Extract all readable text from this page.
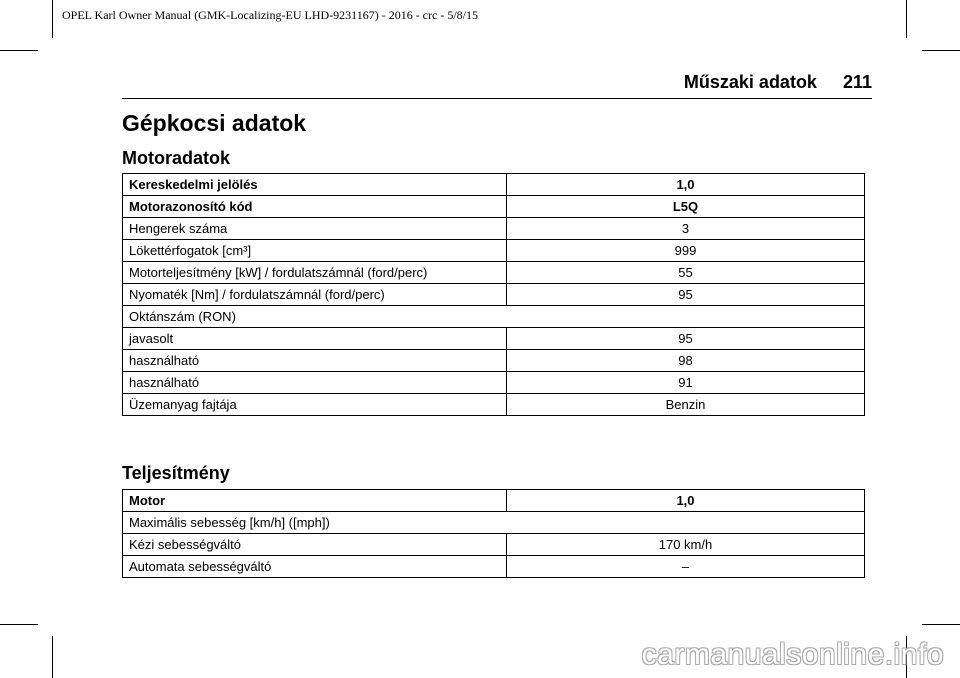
OPEL Karl Owner Manual (GMK-Localizing-EU LHD-9231167) - 2016 - crc - 5/8/15
Műszaki adatok 211
Gépkocsi adatok
Motoradatok
Kereskedelmi jelölés	1,0
Motorazonosító kód	L5Q
Hengerek száma	3
Lökettérfogatok [cm³]	999
Motorteljesítmény [kW] / fordulatszámnál (ford/perc)	55
Nyomaték [Nm] / fordulatszámnál (ford/perc)	95
Oktánszám (RON)	
javasolt	95
használható	98
használható	91
Üzemanyag fajtája	Benzin
Teljesítmény
Motor	1,0
Maximális sebesség [km/h] ([mph])	
Kézi sebességváltó	170 km/h
Automata sebességváltó	–
carmanualsonline.info
